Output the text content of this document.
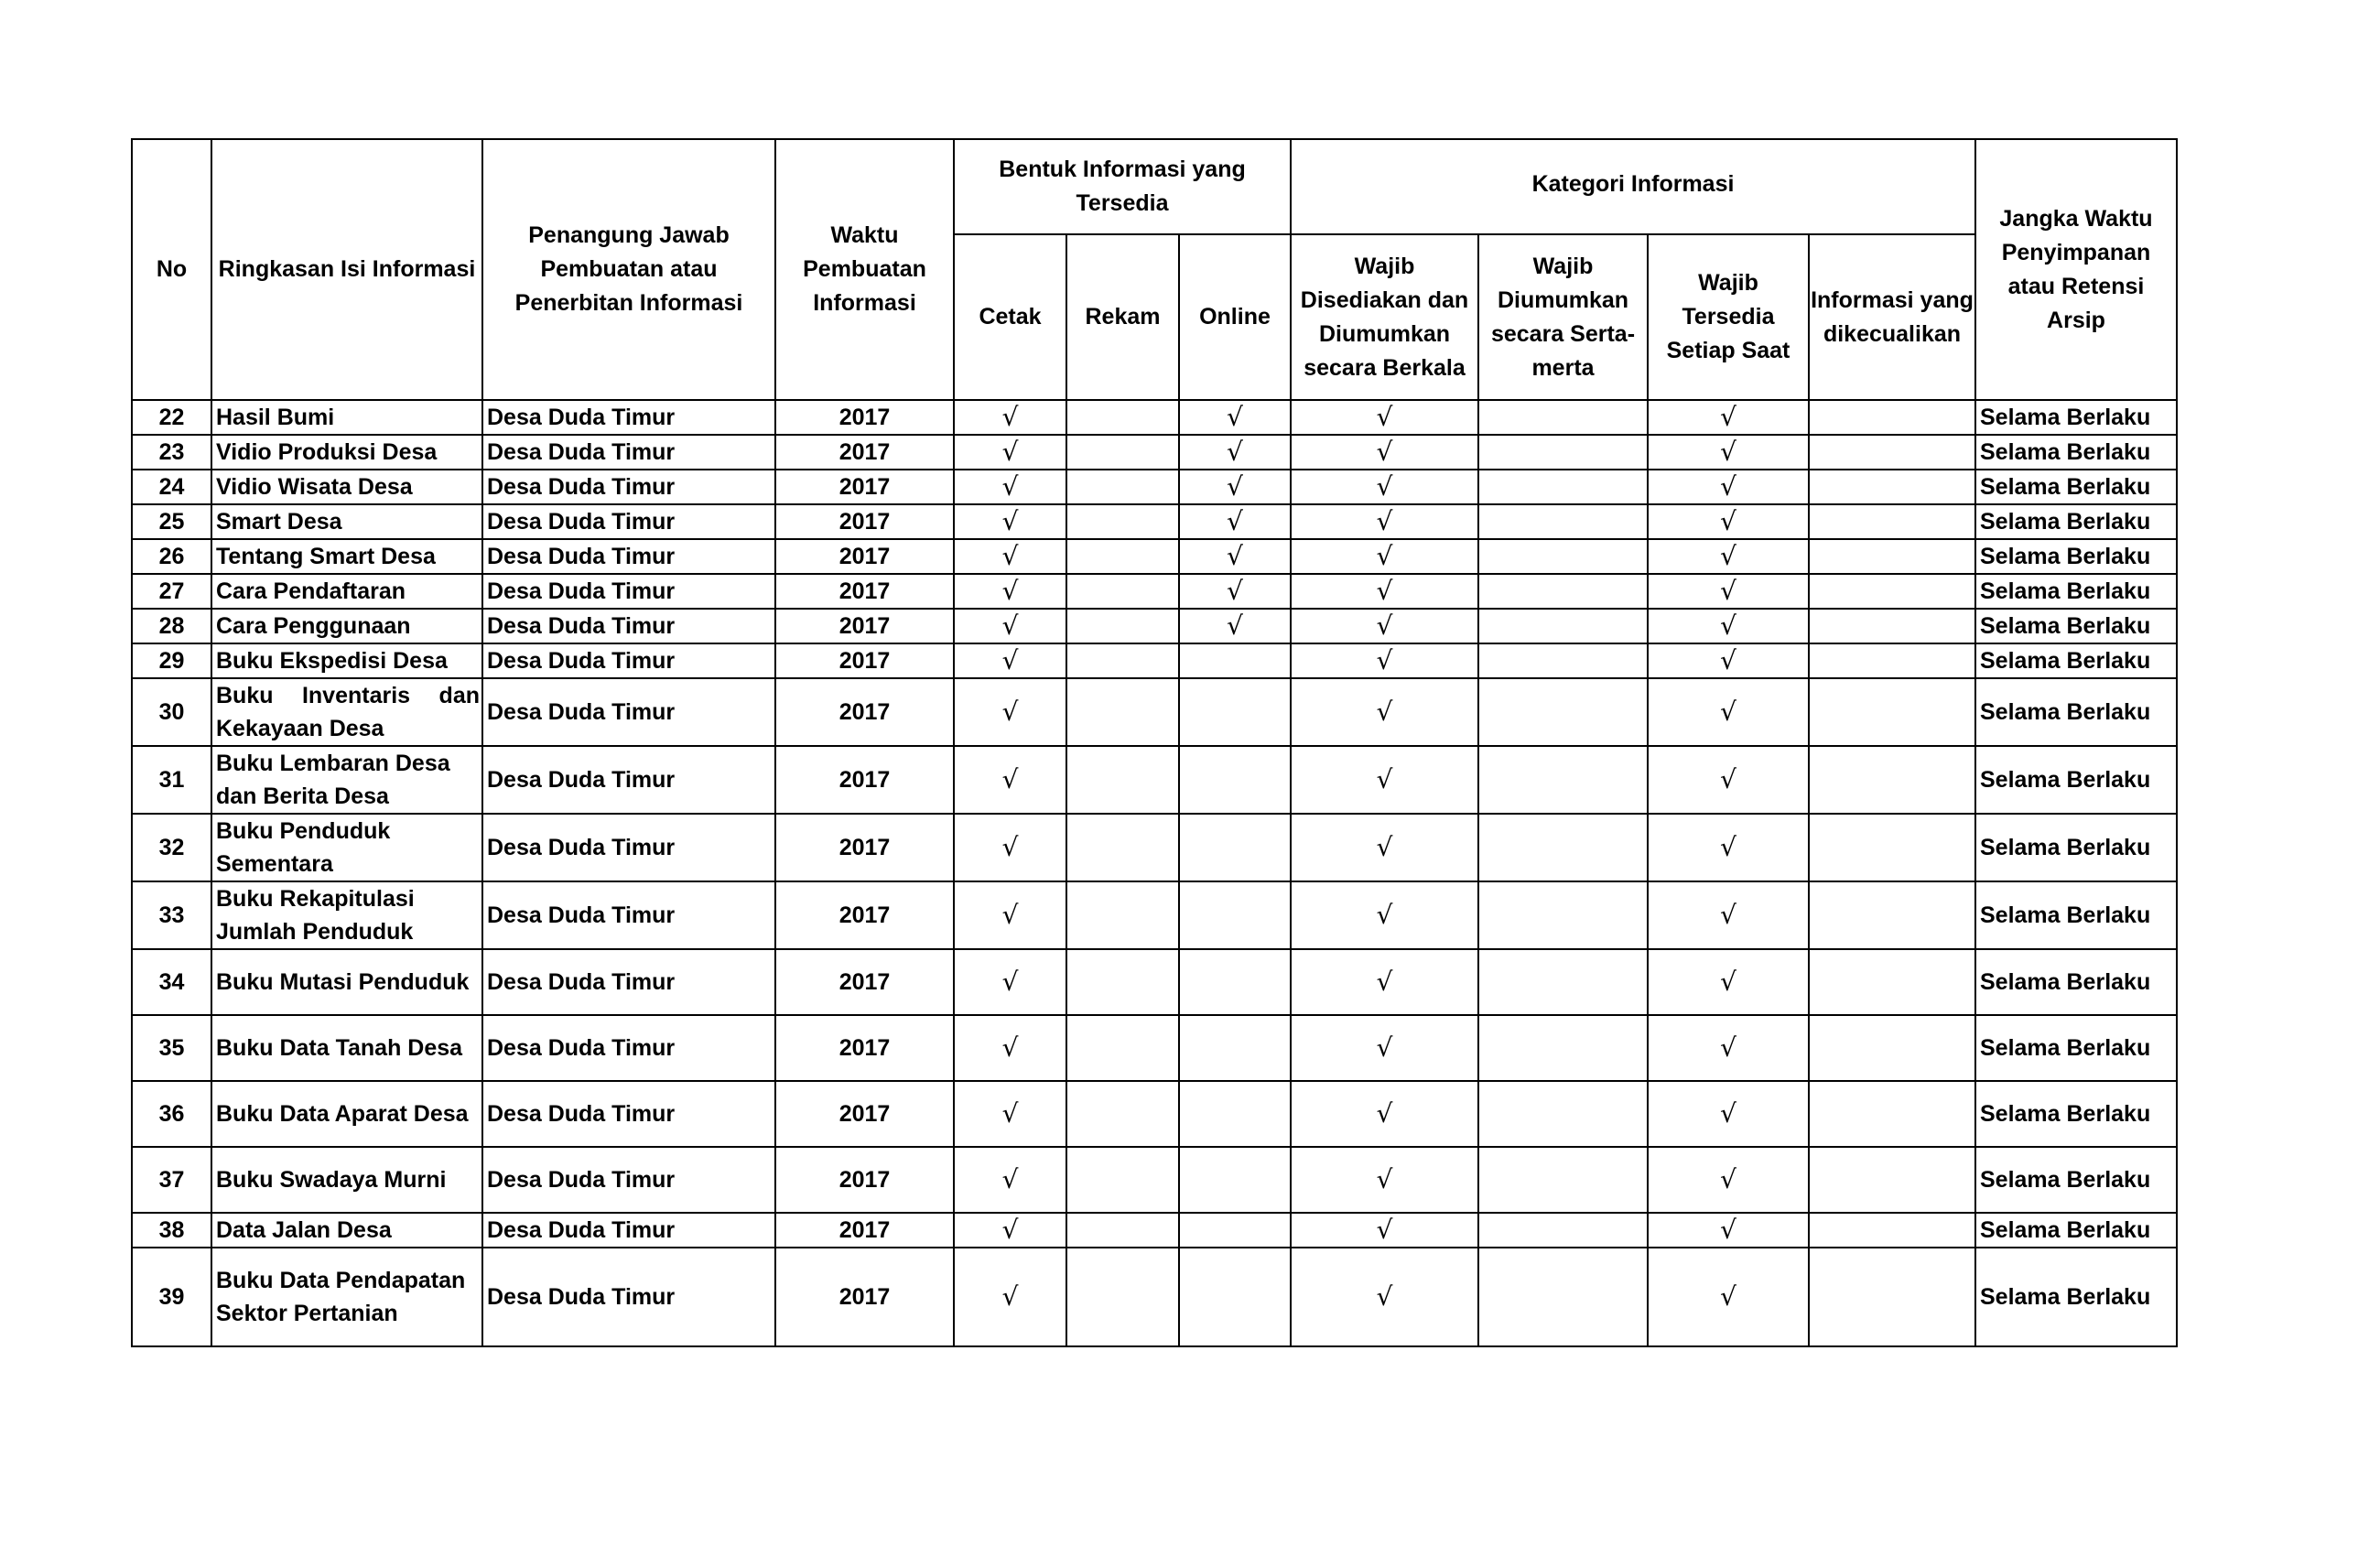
No	Ringkasan Isi Informasi	Penangung Jawab Pembuatan atau Penerbitan Informasi	Waktu Pembuatan Informasi	Bentuk Informasi yang Tersedia			Kategori Informasi				Jangka Waktu Penyimpanan atau Retensi Arsip
				Cetak	Rekam	Online	Wajib Disediakan dan Diumumkan secara Berkala	Wajib Diumumkan secara Serta-merta	Wajib Tersedia Setiap Saat	Informasi yang dikecualikan	
22	Hasil Bumi	Desa Duda Timur	2017	√		√	√		√		Selama Berlaku
23	Vidio Produksi Desa	Desa Duda Timur	2017	√		√	√		√		Selama Berlaku
24	Vidio Wisata Desa	Desa Duda Timur	2017	√		√	√		√		Selama Berlaku
25	Smart Desa	Desa Duda Timur	2017	√		√	√		√		Selama Berlaku
26	Tentang Smart Desa	Desa Duda Timur	2017	√		√	√		√		Selama Berlaku
27	Cara Pendaftaran	Desa Duda Timur	2017	√		√	√		√		Selama Berlaku
28	Cara Penggunaan	Desa Duda Timur	2017	√		√	√		√		Selama Berlaku
29	Buku Ekspedisi Desa	Desa Duda Timur	2017	√			√		√		Selama Berlaku
30	Buku Inventaris dan Kekayaan Desa	Desa Duda Timur	2017	√			√		√		Selama Berlaku
31	Buku Lembaran Desa dan Berita Desa	Desa Duda Timur	2017	√			√		√		Selama Berlaku
32	Buku Penduduk Sementara	Desa Duda Timur	2017	√			√		√		Selama Berlaku
33	Buku Rekapitulasi Jumlah Penduduk	Desa Duda Timur	2017	√			√		√		Selama Berlaku
34	Buku Mutasi Penduduk	Desa Duda Timur	2017	√			√		√		Selama Berlaku
35	Buku Data Tanah Desa	Desa Duda Timur	2017	√			√		√		Selama Berlaku
36	Buku Data Aparat Desa	Desa Duda Timur	2017	√			√		√		Selama Berlaku
37	Buku Swadaya Murni	Desa Duda Timur	2017	√			√		√		Selama Berlaku
38	Data Jalan Desa	Desa Duda Timur	2017	√			√		√		Selama Berlaku
39	Buku Data Pendapatan Sektor Pertanian	Desa Duda Timur	2017	√			√		√		Selama Berlaku
